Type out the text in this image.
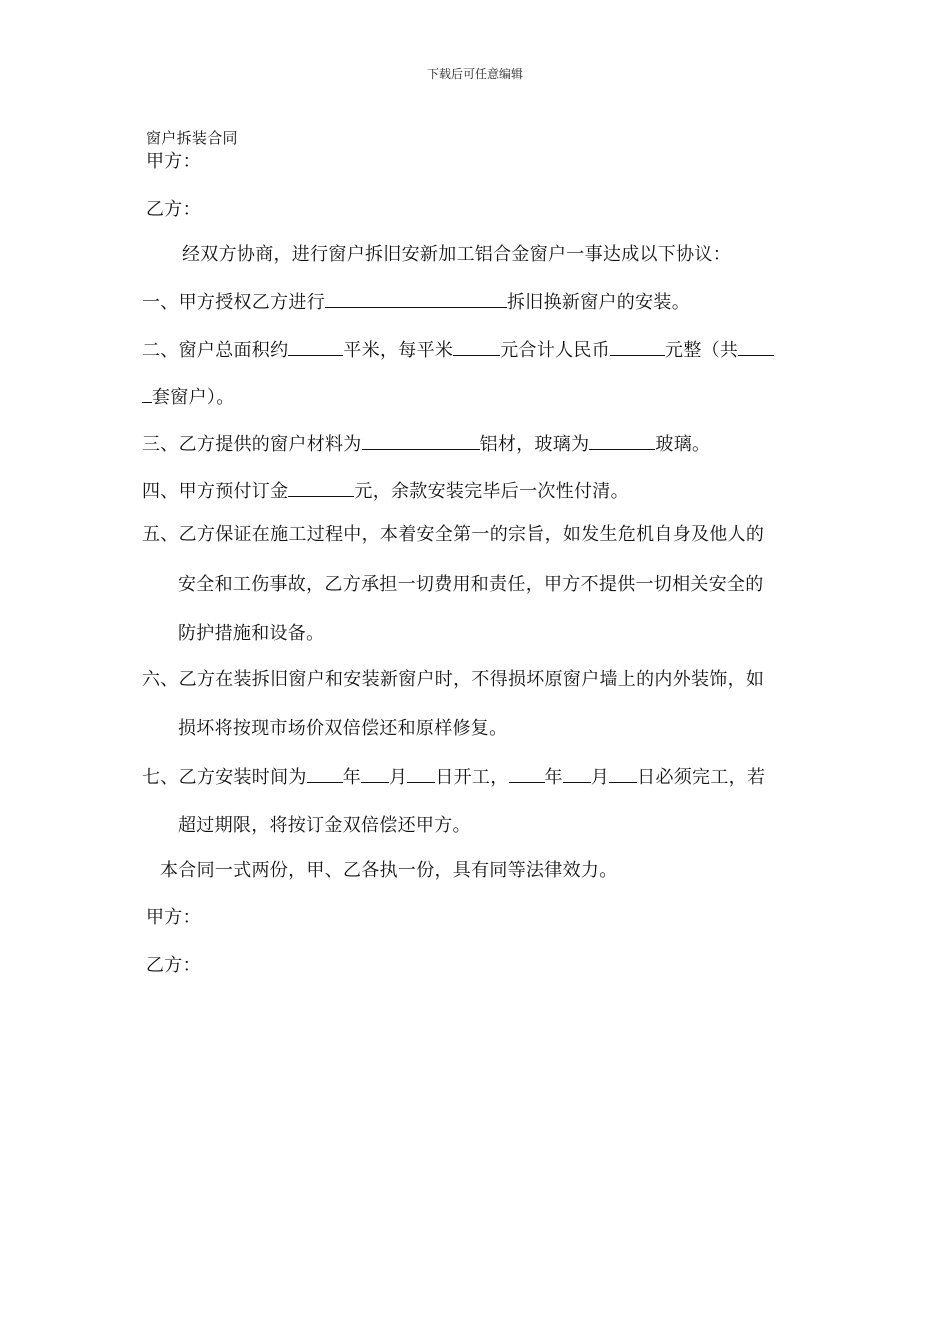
下载后可任意编辑
窗户拆装合同
甲方：
乙方：
经双方协商，进行窗户拆旧安新加工铝合金窗户一事达成以下协议：
一、甲方授权乙方进行	拆旧换新窗户的安装。
二、窗户总面积约	平米，每平米	元合计人民币	元整（共
套窗户）。
三、乙方提供的窗户材料为	铝材，玻璃为	玻璃。
四、甲方预付订金	元，余款安装完毕后一次性付清。
五、乙方保证在施工过程中，本着安全第一的宗旨，如发生危机自身及他人的
安全和工伤事故，乙方承担一切费用和责任，甲方不提供一切相关安全的
防护措施和设备。
六、乙方在装拆旧窗户和安装新窗户时，不得损坏原窗户墙上的内外装饰，如
损坏将按现市场价双倍偿还和原样修复。
七、乙方安装时间为 年 月 日开工， 年 月 日必须完工，若
超过期限，将按订金双倍偿还甲方。
本合同一式两份，甲、乙各执一份，具有同等法律效力。
甲方：
乙方：
